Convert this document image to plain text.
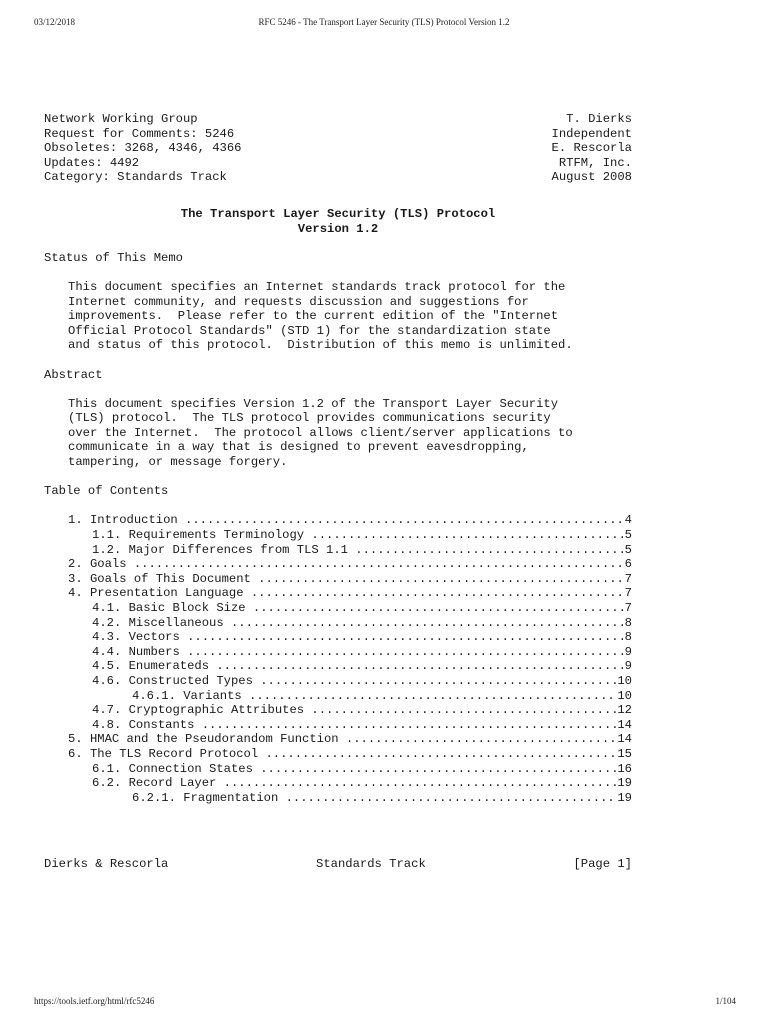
03/12/2018	RFC 5246 - The Transport Layer Security (TLS) Protocol Version 1.2
Network Working Group	T. Dierks
Request for Comments: 5246	Independent
Obsoletes: 3268, 4346, 4366	E. Rescorla
Updates: 4492	RTFM, Inc.
Category: Standards Track	August 2008
The Transport Layer Security (TLS) Protocol
Version 1.2
Status of This Memo
This document specifies an Internet standards track protocol for the
Internet community, and requests discussion and suggestions for
improvements.  Please refer to the current edition of the "Internet
Official Protocol Standards" (STD 1) for the standardization state
and status of this protocol.  Distribution of this memo is unlimited.
Abstract
This document specifies Version 1.2 of the Transport Layer Security
(TLS) protocol.  The TLS protocol provides communications security
over the Internet.  The protocol allows client/server applications to
communicate in a way that is designed to prevent eavesdropping,
tampering, or message forgery.
Table of Contents
1. Introduction .....	4
1.1. Requirements Terminology .....	5
1.2. Major Differences from TLS 1.1 .....	5
2. Goals .....	6
3. Goals of This Document .....	7
4. Presentation Language .....	7
4.1. Basic Block Size .....	7
4.2. Miscellaneous .....	8
4.3. Vectors .....	8
4.4. Numbers .....	9
4.5. Enumerateds .....	9
4.6. Constructed Types .....	10
4.6.1. Variants .....	10
4.7. Cryptographic Attributes .....	12
4.8. Constants .....	14
5. HMAC and the Pseudorandom Function .....	14
6. The TLS Record Protocol .....	15
6.1. Connection States .....	16
6.2. Record Layer .....	19
6.2.1. Fragmentation .....	19
Dierks & Rescorla	Standards Track	[Page 1]
https://tools.ietf.org/html/rfc5246	1/104
